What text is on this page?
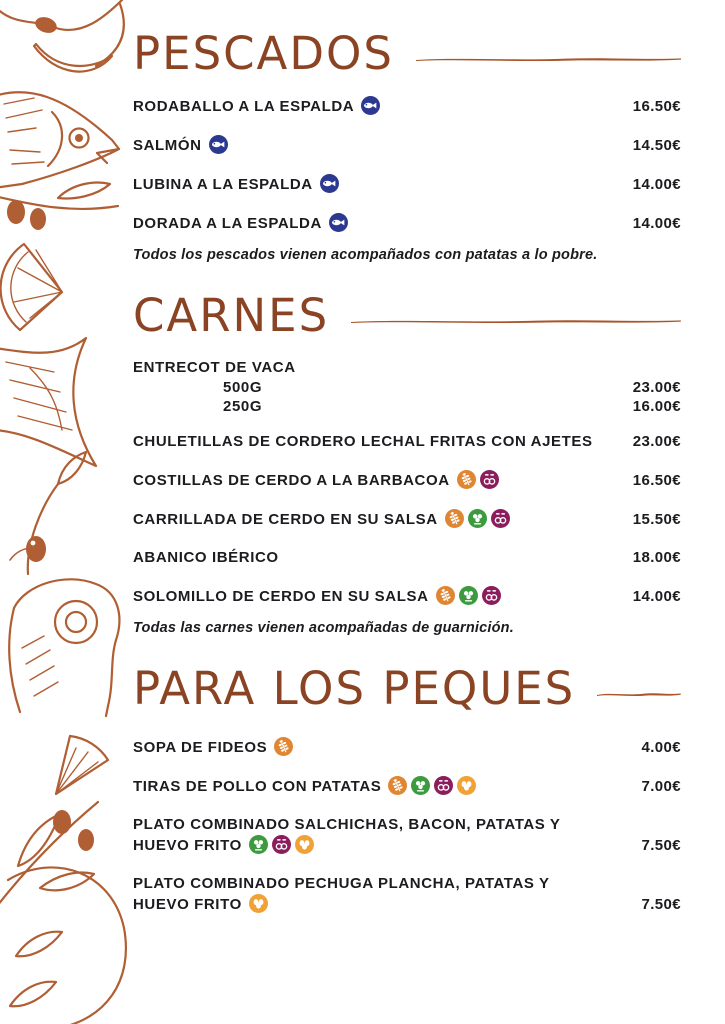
PESCADOS
RODABALLO A LA ESPALDA	16.50€
SALMÓN	14.50€
LUBINA A LA ESPALDA	14.00€
DORADA A LA ESPALDA	14.00€
Todos los pescados vienen acompañados con patatas a lo pobre.
CARNES
ENTRECOT DE VACA
500G	23.00€
250G	16.00€
CHULETILLAS DE CORDERO LECHAL FRITAS CON AJETES	23.00€
COSTILLAS DE CERDO A LA BARBACOA	16.50€
CARRILLADA DE CERDO EN SU SALSA	15.50€
ABANICO IBÉRICO	18.00€
SOLOMILLO DE CERDO EN SU SALSA	14.00€
Todas las carnes vienen acompañadas de guarnición.
PARA LOS PEQUES
SOPA DE FIDEOS	4.00€
TIRAS DE POLLO CON PATATAS	7.00€
PLATO COMBINADO SALCHICHAS, BACON, PATATAS Y HUEVO FRITO	7.50€
PLATO COMBINADO PECHUGA PLANCHA, PATATAS Y HUEVO FRITO	7.50€
